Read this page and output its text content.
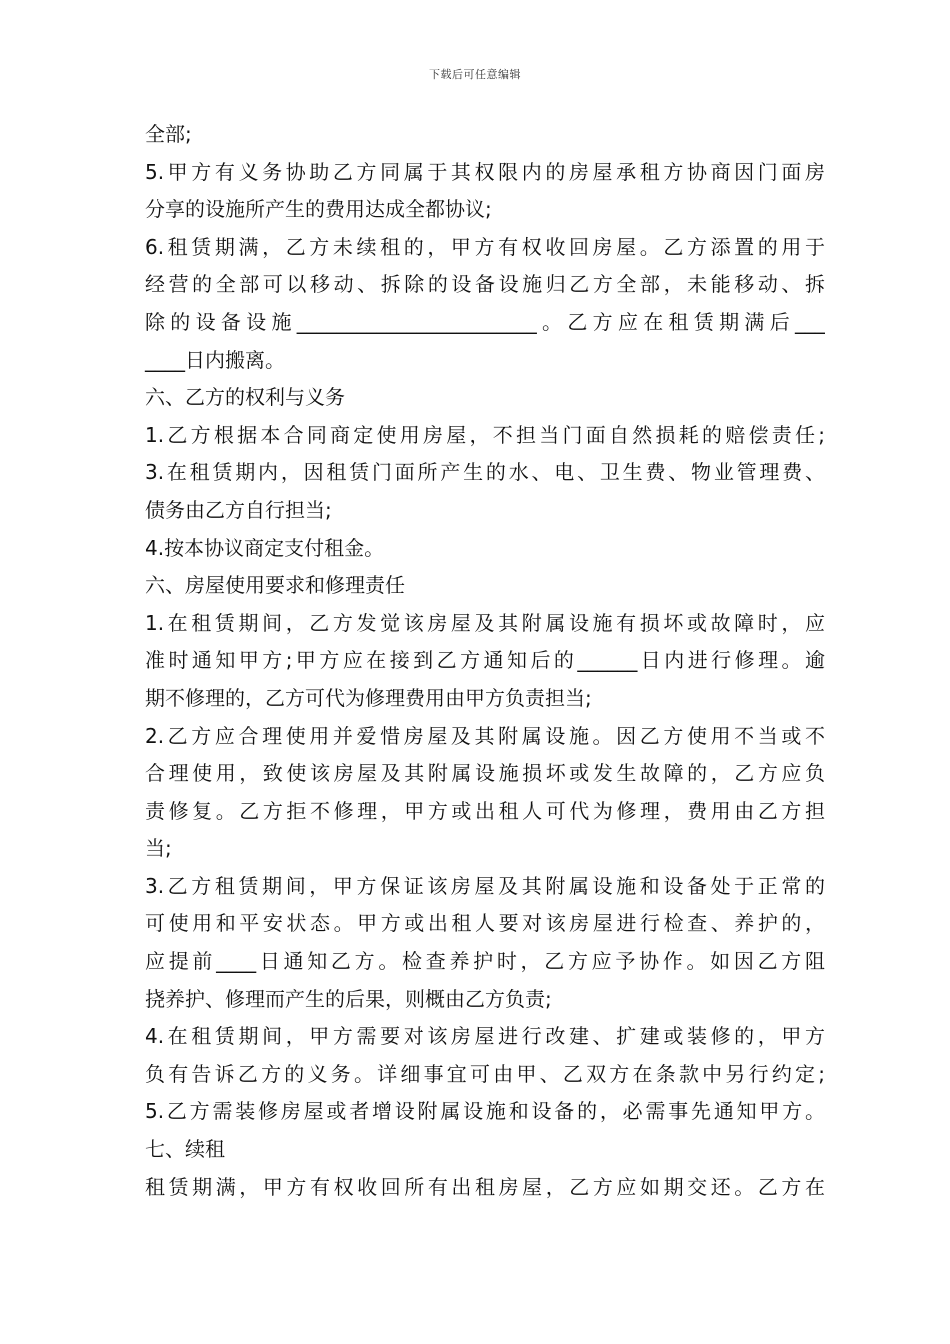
下载后可任意编辑
全部;
5.甲方有义务协助乙方同属于其权限内的房屋承租方协商因门面房
分享的设施所产生的费用达成全都协议;
6.租赁期满，乙方未续租的，甲方有权收回房屋。乙方添置的用于
经营的全部可以移动、拆除的设备设施归乙方全部，未能移动、拆
除的设备设施________________________。乙方应在租赁期满后___
____日内搬离。
六、乙方的权利与义务
1.乙方根据本合同商定使用房屋，不担当门面自然损耗的赔偿责任;
3.在租赁期内，因租赁门面所产生的水、电、卫生费、物业管理费、
债务由乙方自行担当;
4.按本协议商定支付租金。
六、房屋使用要求和修理责任
1.在租赁期间，乙方发觉该房屋及其附属设施有损坏或故障时，应
准时通知甲方;甲方应在接到乙方通知后的______日内进行修理。逾
期不修理的，乙方可代为修理费用由甲方负责担当;
2.乙方应合理使用并爱惜房屋及其附属设施。因乙方使用不当或不
合理使用，致使该房屋及其附属设施损坏或发生故障的，乙方应负
责修复。乙方拒不修理，甲方或出租人可代为修理，费用由乙方担
当;
3.乙方租赁期间，甲方保证该房屋及其附属设施和设备处于正常的
可使用和平安状态。甲方或出租人要对该房屋进行检查、养护的，
应提前____日通知乙方。检查养护时，乙方应予协作。如因乙方阻
挠养护、修理而产生的后果，则概由乙方负责;
4.在租赁期间，甲方需要对该房屋进行改建、扩建或装修的，甲方
负有告诉乙方的义务。详细事宜可由甲、乙双方在条款中另行约定;
5.乙方需装修房屋或者增设附属设施和设备的，必需事先通知甲方。
七、续租
租赁期满，甲方有权收回所有出租房屋，乙方应如期交还。乙方在
